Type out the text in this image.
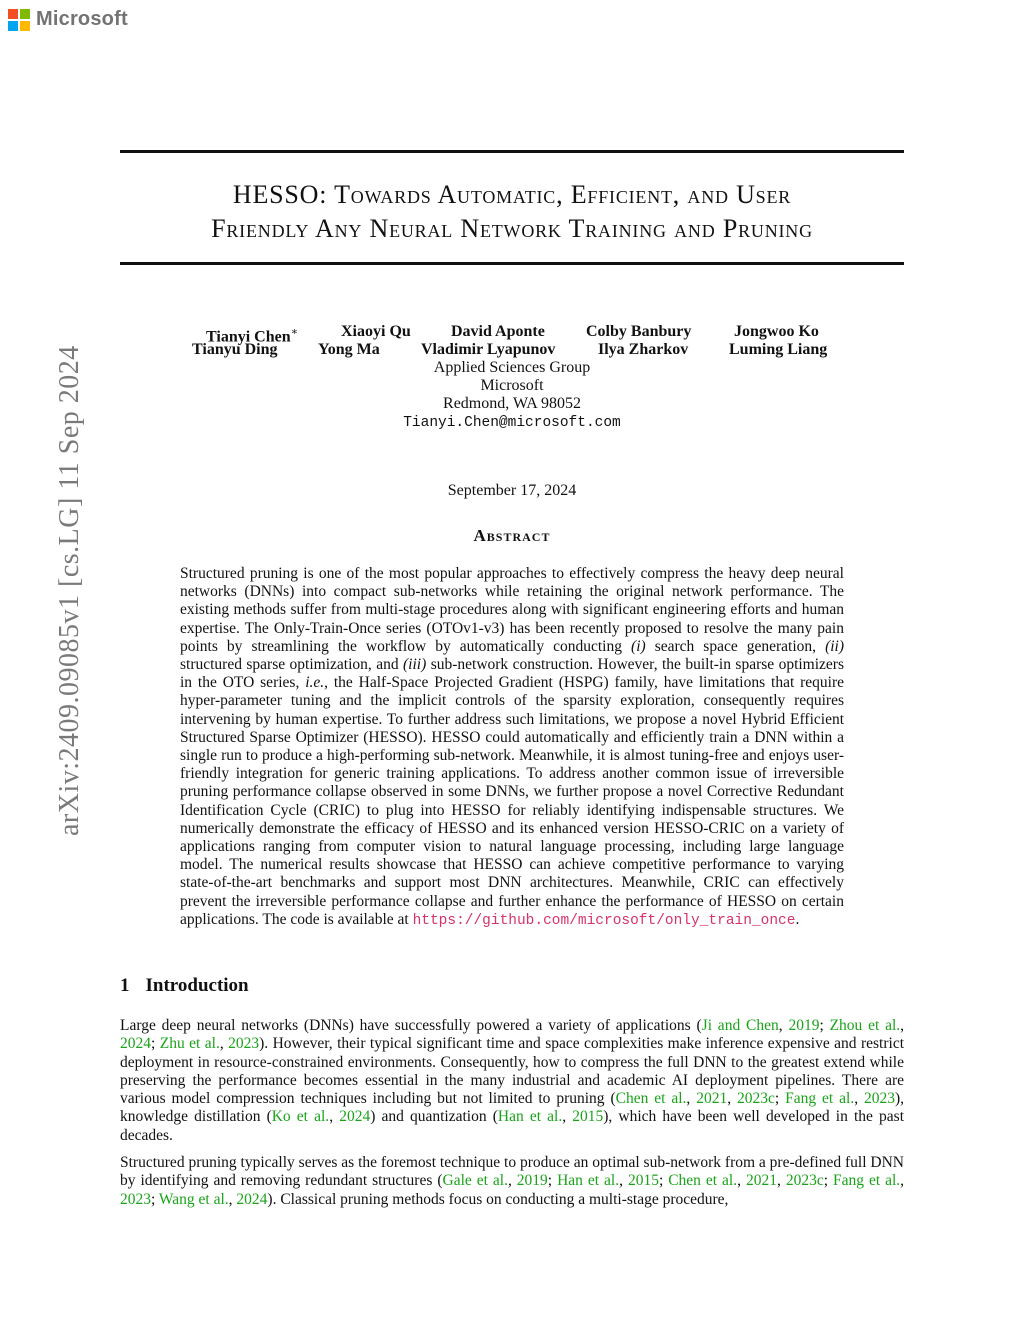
Microsoft
arXiv:2409.09085v1 [cs.LG] 11 Sep 2024
HESSO: Towards Automatic, Efficient, and User
Friendly Any Neural Network Training and Pruning
Tianyi Chen∗	Xiaoyi Qu	David Aponte	Colby Banbury	Jongwoo Ko
Tianyu Ding	Yong Ma	Vladimir Lyapunov	Ilya Zharkov	Luming Liang
Applied Sciences Group
Microsoft
Redmond, WA 98052
Tianyi.Chen@microsoft.com
September 17, 2024
Abstract
Structured pruning is one of the most popular approaches to effectively compress the heavy deep neural networks (DNNs) into compact sub-networks while retaining the original network performance. The existing methods suffer from multi-stage procedures along with significant engineering efforts and human expertise. The Only-Train-Once series (OTOv1-v3) has been recently proposed to resolve the many pain points by streamlining the workflow by automatically conducting (i) search space generation, (ii) structured sparse optimization, and (iii) sub-network construction. However, the built-in sparse optimizers in the OTO series, i.e., the Half-Space Projected Gradient (HSPG) family, have limitations that require hyper-parameter tuning and the implicit controls of the sparsity exploration, consequently requires intervening by human expertise. To further address such limitations, we propose a novel Hybrid Efficient Structured Sparse Optimizer (HESSO). HESSO could automatically and efficiently train a DNN within a single run to produce a high-performing sub-network. Meanwhile, it is almost tuning-free and enjoys user-friendly integration for generic training applications. To address another common issue of irreversible pruning performance collapse observed in some DNNs, we further propose a novel Corrective Redundant Identification Cycle (CRIC) to plug into HESSO for reliably identifying indispensable structures. We numerically demonstrate the efficacy of HESSO and its enhanced version HESSO-CRIC on a variety of applications ranging from computer vision to natural language processing, including large language model. The numerical results showcase that HESSO can achieve competitive performance to varying state-of-the-art benchmarks and support most DNN architectures. Meanwhile, CRIC can effectively prevent the irreversible performance collapse and further enhance the performance of HESSO on certain applications. The code is available at https://github.com/microsoft/only_train_once.
1 Introduction
Large deep neural networks (DNNs) have successfully powered a variety of applications (Ji and Chen, 2019; Zhou et al., 2024; Zhu et al., 2023). However, their typical significant time and space complexities make inference expensive and restrict deployment in resource-constrained environments. Consequently, how to compress the full DNN to the greatest extend while preserving the performance becomes essential in the many industrial and academic AI deployment pipelines. There are various model compression techniques including but not limited to pruning (Chen et al., 2021, 2023c; Fang et al., 2023), knowledge distillation (Ko et al., 2024) and quantization (Han et al., 2015), which have been well developed in the past decades.
Structured pruning typically serves as the foremost technique to produce an optimal sub-network from a pre-defined full DNN by identifying and removing redundant structures (Gale et al., 2019; Han et al., 2015; Chen et al., 2021, 2023c; Fang et al., 2023; Wang et al., 2024). Classical pruning methods focus on conducting a multi-stage procedure,
